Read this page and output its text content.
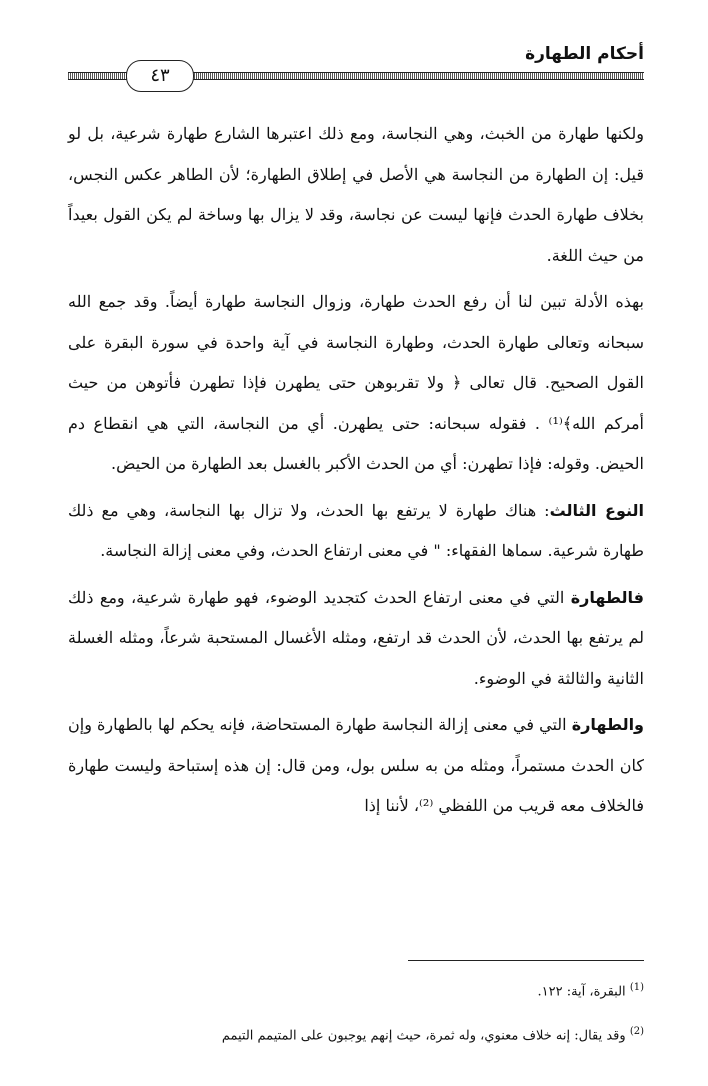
أحكام الطهارة
٤٣

ولكنها طهارة من الخبث، وهي النجاسة، ومع ذلك اعتبرها الشارع طهارة شرعية، بل لو قيل: إن الطهارة من النجاسة هي الأصل في إطلاق الطهارة؛ لأن الطاهر عكس النجس، بخلاف طهارة الحدث فإنها ليست عن نجاسة، وقد لا يزال بها وساخة لم يكن القول بعيداً من حيث اللغة.

بهذه الأدلة تبين لنا أن رفع الحدث طهارة، وزوال النجاسة طهارة أيضاً. وقد جمع الله سبحانه وتعالى طهارة الحدث، وطهارة النجاسة في آية واحدة في سورة البقرة على القول الصحيح. قال تعالى ﴿ ولا تقربوهن حتى يطهرن فإذا تطهرن فأتوهن من حيث أمركم الله﴾⁽¹⁾ . فقوله سبحانه: حتى يطهرن. أي من النجاسة، التي هي انقطاع دم الحيض. وقوله: فإذا تطهرن: أي من الحدث الأكبر بالغسل بعد الطهارة من الحيض.

النوع الثالث: هناك طهارة لا يرتفع بها الحدث، ولا تزال بها النجاسة، وهي مع ذلك طهارة شرعية. سماها الفقهاء: " في معنى ارتفاع الحدث، وفي معنى إزالة النجاسة.

فالطهارة التي في معنى ارتفاع الحدث كتجديد الوضوء، فهو طهارة شرعية، ومع ذلك لم يرتفع بها الحدث، لأن الحدث قد ارتفع، ومثله الأغسال المستحبة شرعاً، ومثله الغسلة الثانية والثالثة في الوضوء.

والطهارة التي في معنى إزالة النجاسة طهارة المستحاضة، فإنه يحكم لها بالطهارة وإن كان الحدث مستمراً، ومثله من به سلس بول، ومن قال: إن هذه إستباحة وليست طهارة فالخلاف معه قريب من اللفظي ⁽²⁾، لأننا إذا

$^{(1)}$ البقرة، آية: ١٢٢.

$^{(2)}$ وقد يقال: إنه خلاف معنوي، وله ثمرة، حيث إنهم يوجبون على المتيمم التيمم
